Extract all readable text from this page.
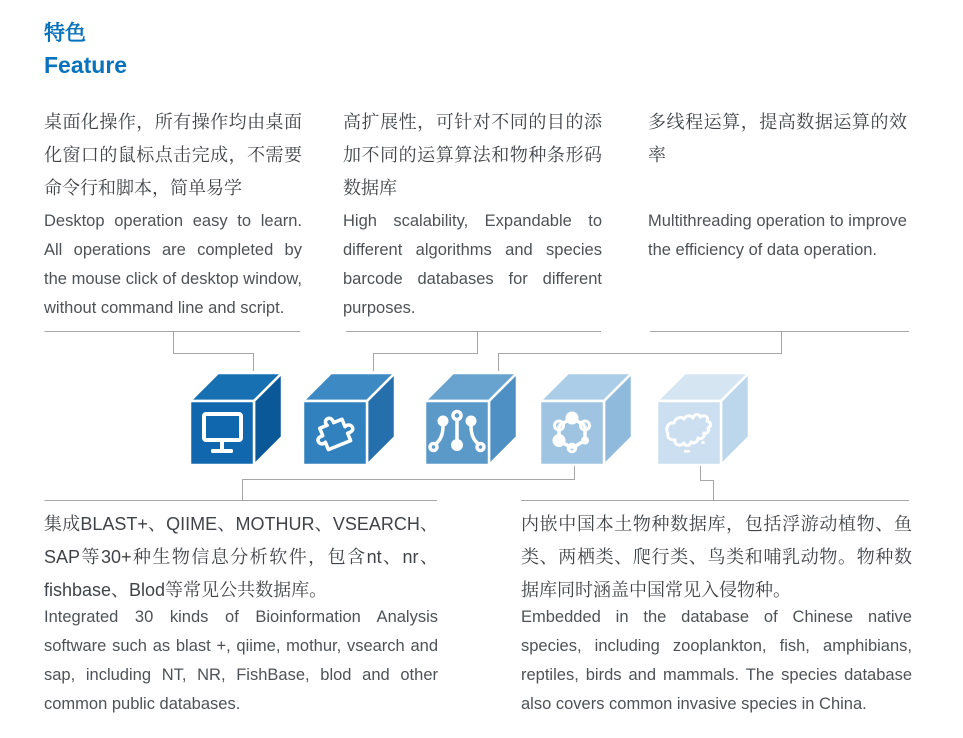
特色
Feature

桌面化操作，所有操作均由桌面化窗口的鼠标点击完成，不需要命令行和脚本，简单易学

Desktop operation easy to learn. All operations are completed by the mouse click of desktop window, without command line and script.

高扩展性，可针对不同的目的添加不同的运算算法和物种条形码数据库

High scalability, Expandable to different algorithms and species barcode databases for different purposes.

多线程运算，提高数据运算的效率

Multithreading operation to improve the efficiency of data operation.

集成BLAST+、QIIME、MOTHUR、VSEARCH、SAP等30+种生物信息分析软件，包含nt、nr、fishbase、Blod等常见公共数据库。

Integrated 30 kinds of Bioinformation Analysis software such as blast +, qiime, mothur, vsearch and sap, including NT, NR, FishBase, blod and other common public databases.

内嵌中国本土物种数据库，包括浮游动植物、鱼类、两栖类、爬行类、鸟类和哺乳动物。物种数据库同时涵盖中国常见入侵物种。

Embedded in the database of Chinese native species, including zooplankton, fish, amphibians, reptiles, birds and mammals. The species database also covers common invasive species in China.
